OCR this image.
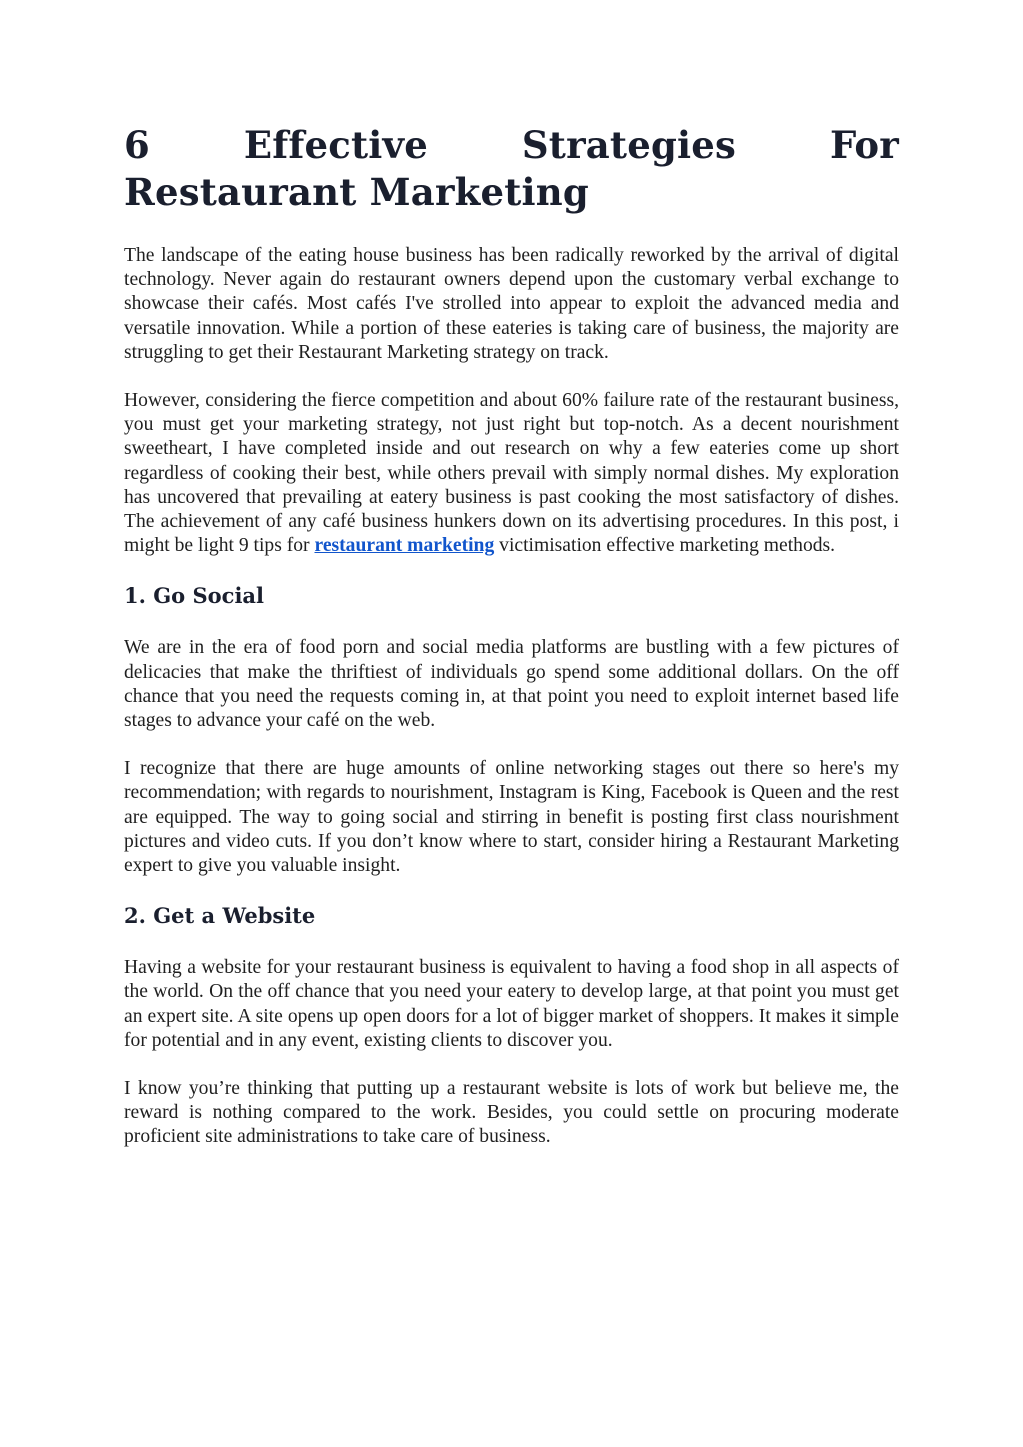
6 Effective Strategies For Restaurant Marketing

The landscape of the eating house business has been radically reworked by the arrival of digital technology. Never again do restaurant owners depend upon the customary verbal exchange to showcase their cafés. Most cafés I've strolled into appear to exploit the advanced media and versatile innovation. While a portion of these eateries is taking care of business, the majority are struggling to get their Restaurant Marketing strategy on track.

However, considering the fierce competition and about 60% failure rate of the restaurant business, you must get your marketing strategy, not just right but top-notch. As a decent nourishment sweetheart, I have completed inside and out research on why a few eateries come up short regardless of cooking their best, while others prevail with simply normal dishes. My exploration has uncovered that prevailing at eatery business is past cooking the most satisfactory of dishes. The achievement of any café business hunkers down on its advertising procedures. In this post, i might be light 9 tips for restaurant marketing victimisation effective marketing methods.

1. Go Social

We are in the era of food porn and social media platforms are bustling with a few pictures of delicacies that make the thriftiest of individuals go spend some additional dollars. On the off chance that you need the requests coming in, at that point you need to exploit internet based life stages to advance your café on the web.

I recognize that there are huge amounts of online networking stages out there so here's my recommendation; with regards to nourishment, Instagram is King, Facebook is Queen and the rest are equipped. The way to going social and stirring in benefit is posting first class nourishment pictures and video cuts. If you don’t know where to start, consider hiring a Restaurant Marketing expert to give you valuable insight.

2. Get a Website

Having a website for your restaurant business is equivalent to having a food shop in all aspects of the world. On the off chance that you need your eatery to develop large, at that point you must get an expert site. A site opens up open doors for a lot of bigger market of shoppers. It makes it simple for potential and in any event, existing clients to discover you.

I know you’re thinking that putting up a restaurant website is lots of work but believe me, the reward is nothing compared to the work. Besides, you could settle on procuring moderate proficient site administrations to take care of business.
